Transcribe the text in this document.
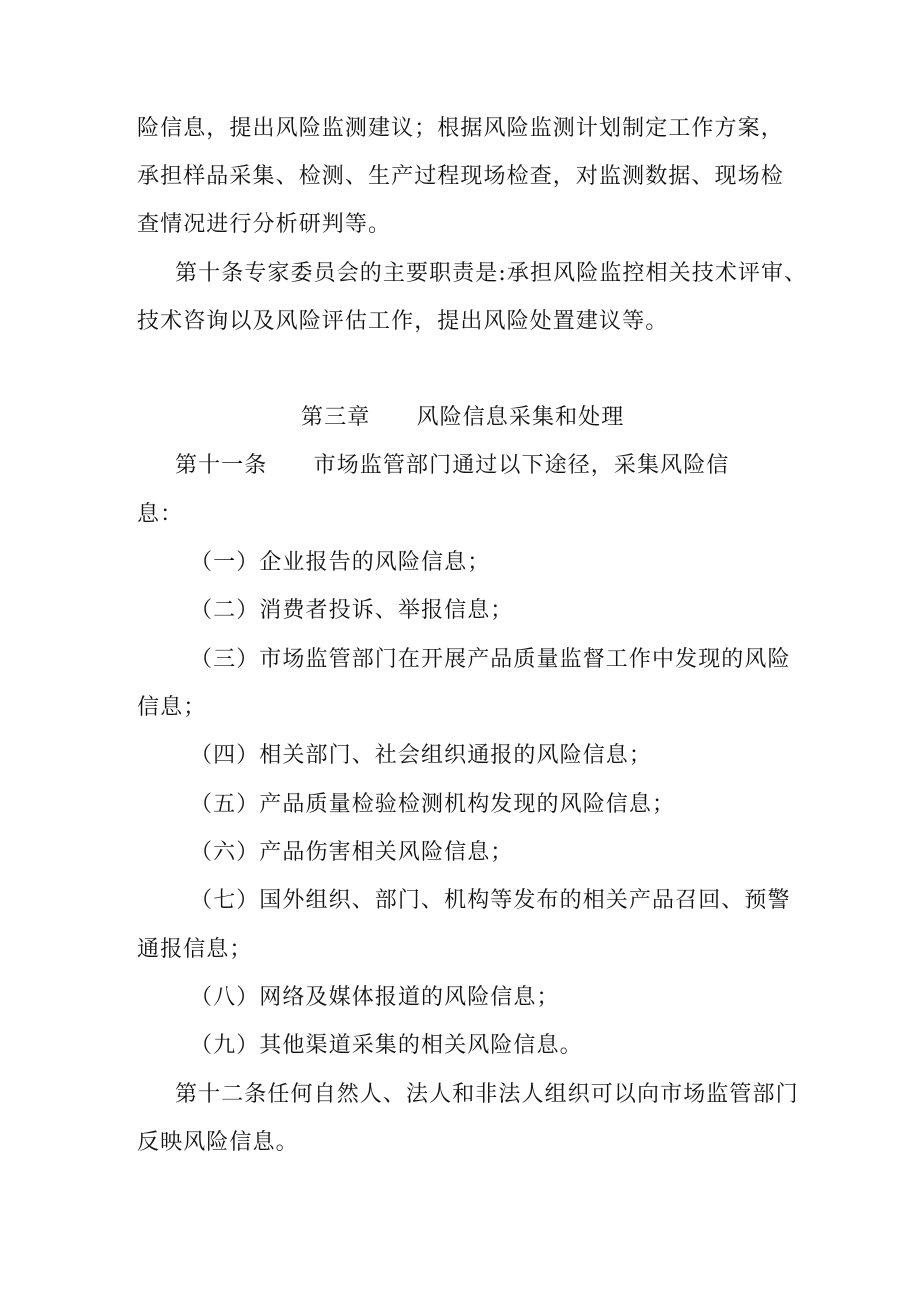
险信息，提出风险监测建议；根据风险监测计划制定工作方案，
承担样品采集、检测、生产过程现场检查，对监测数据、现场检
查情况进行分析研判等。
第十条专家委员会的主要职责是:承担风险监控相关技术评审、
技术咨询以及风险评估工作，提出风险处置建议等。
第三章　　风险信息采集和处理
第十一条　　市场监管部门通过以下途径，采集风险信
息：
（一）企业报告的风险信息；
（二）消费者投诉、举报信息；
（三）市场监管部门在开展产品质量监督工作中发现的风险
信息；
（四）相关部门、社会组织通报的风险信息；
（五）产品质量检验检测机构发现的风险信息；
（六）产品伤害相关风险信息；
（七）国外组织、部门、机构等发布的相关产品召回、预警
通报信息；
（八）网络及媒体报道的风险信息；
（九）其他渠道采集的相关风险信息。
第十二条任何自然人、法人和非法人组织可以向市场监管部门
反映风险信息。
